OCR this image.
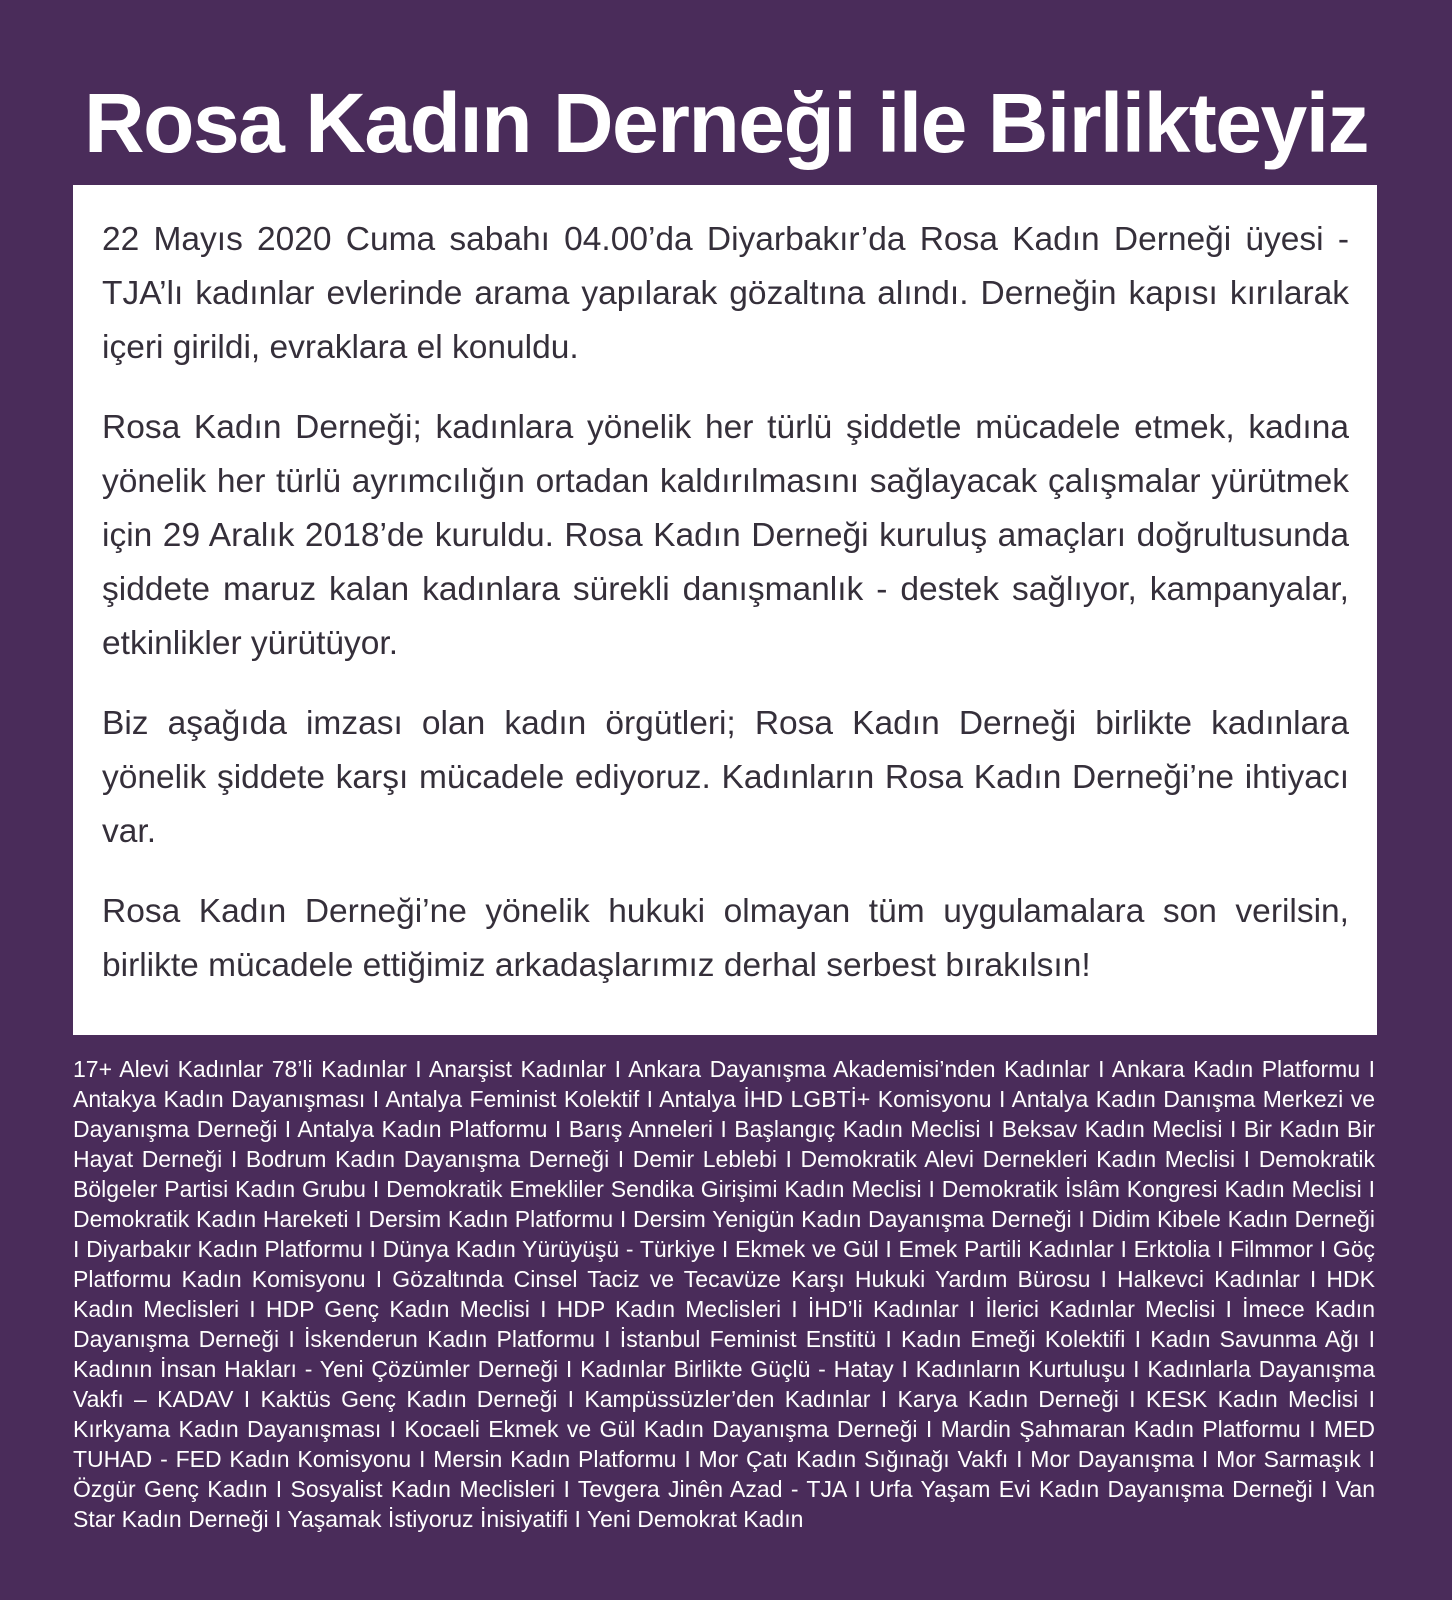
Rosa Kadın Derneği ile Birlikteyiz

22 Mayıs 2020 Cuma sabahı 04.00’da Diyarbakır’da Rosa Kadın Derneği üyesi - TJA’lı kadınlar evlerinde arama yapılarak gözaltına alındı. Derneğin kapısı kırılarak içeri girildi, evraklara el konuldu.

Rosa Kadın Derneği; kadınlara yönelik her türlü şiddetle mücadele etmek, kadına yönelik her türlü ayrımcılığın ortadan kaldırılmasını sağlayacak çalışmalar yürütmek için 29 Aralık 2018’de kuruldu. Rosa Kadın Derneği kuruluş amaçları doğrultusunda şiddete maruz kalan kadınlara sürekli danışmanlık - destek sağlıyor, kampanyalar, etkinlikler yürütüyor.

Biz aşağıda imzası olan kadın örgütleri; Rosa Kadın Derneği birlikte kadınlara yönelik şiddete karşı mücadele ediyoruz. Kadınların Rosa Kadın Derneği’ne ihtiyacı var.

Rosa Kadın Derneği’ne yönelik hukuki olmayan tüm uygulamalara son verilsin, birlikte mücadele ettiğimiz arkadaşlarımız derhal serbest bırakılsın!

17+ Alevi Kadınlar 78’li Kadınlar I Anarşist Kadınlar I Ankara Dayanışma Akademisi’nden Kadınlar I Ankara Kadın Platformu I Antakya Kadın Dayanışması I Antalya Feminist Kolektif I Antalya İHD LGBTİ+ Komisyonu I Antalya Kadın Danışma Merkezi ve Dayanışma Derneği I Antalya Kadın Platformu I Barış Anneleri I Başlangıç Kadın Meclisi I Beksav Kadın Meclisi I Bir Kadın Bir Hayat Derneği I Bodrum Kadın Dayanışma Derneği I Demir Leblebi I Demokratik Alevi Dernekleri Kadın Meclisi I Demokratik Bölgeler Partisi Kadın Grubu I Demokratik Emekliler Sendika Girişimi Kadın Meclisi I Demokratik İslâm Kongresi Kadın Meclisi I Demokratik Kadın Hareketi I Dersim Kadın Platformu I Dersim Yenigün Kadın Dayanışma Derneği I Didim Kibele Kadın Derneği I Diyarbakır Kadın Platformu I Dünya Kadın Yürüyüşü - Türkiye I Ekmek ve Gül I Emek Partili Kadınlar I Erktolia I Filmmor I Göç Platformu Kadın Komisyonu I Gözaltında Cinsel Taciz ve Tecavüze Karşı Hukuki Yardım Bürosu I Halkevci Kadınlar I HDK Kadın Meclisleri I HDP Genç Kadın Meclisi I HDP Kadın Meclisleri I İHD’li Kadınlar I İlerici Kadınlar Meclisi I İmece Kadın Dayanışma Derneği I İskenderun Kadın Platformu I İstanbul Feminist Enstitü I Kadın Emeği Kolektifi I Kadın Savunma Ağı I Kadının İnsan Hakları - Yeni Çözümler Derneği I Kadınlar Birlikte Güçlü - Hatay I Kadınların Kurtuluşu I Kadınlarla Dayanışma Vakfı – KADAV I Kaktüs Genç Kadın Derneği I Kampüssüzler’den Kadınlar I Karya Kadın Derneği I KESK Kadın Meclisi I Kırkyama Kadın Dayanışması I Kocaeli Ekmek ve Gül Kadın Dayanışma Derneği I Mardin Şahmaran Kadın Platformu I MED TUHAD - FED Kadın Komisyonu I Mersin Kadın Platformu I Mor Çatı Kadın Sığınağı Vakfı I Mor Dayanışma I Mor Sarmaşık I Özgür Genç Kadın I Sosyalist Kadın Meclisleri I Tevgera Jinên Azad - TJA I Urfa Yaşam Evi Kadın Dayanışma Derneği I Van Star Kadın Derneği I Yaşamak İstiyoruz İnisiyatifi I Yeni Demokrat Kadın
